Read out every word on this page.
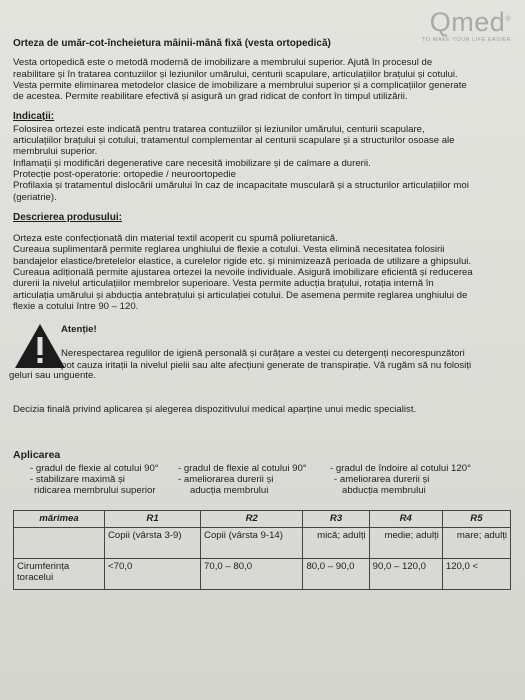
Qmed®
TO MAKE YOUR LIFE EASIER
Orteza de umăr-cot-încheietura mâinii-mână fixă (vesta ortopedică)

Vesta ortopedică este o metodă modernă de imobilizare a membrului superior. Ajută în procesul de

reabilitare și în tratarea contuziilor și leziunilor umărului, centurii scapulare, articulațiilor brațului și cotului.

Vesta permite eliminarea metodelor clasice de imobilizare a membrului superior și a complicațiilor generate

de acestea. Permite reabilitare efectivă și asigură un grad ridicat de confort în timpul utilizării.

Indicații:

Folosirea ortezei este indicată pentru tratarea contuziilor și leziunilor umărului, centurii scapulare,

articulațiilor brațului și cotului, tratamentul complementar al centurii scapulare și a structurilor osoase ale

membrului superior.

Inflamații și modificări degenerative care necesită imobilizare și de calmare a durerii.

Protecție post-operatorie: ortopedie / neuroortopedie

Profilaxia și tratamentul dislocării umărului în caz de incapacitate musculară și a structurilor articulațiilor moi

(geriatrie).

Descrierea produsului:

Orteza este confecționată din material textil acoperit cu spumă poliuretanică.

Cureaua suplimentară permite reglarea unghiului de flexie a cotului. Vesta elimină necesitatea folosirii

bandajelor elastice/bretelelor elastice, a curelelor rigide etc. și minimizează perioada de utilizare a ghipsului.

Cureaua adițională permite ajustarea ortezei la nevoile individuale. Asigură imobilizare eficientă și reducerea

durerii la nivelul articulațiilor membrelor superioare. Vesta permite aducția brațului, rotația internă în

articulația umărului și abducția antebrațului și articulației cotului. De asemena permite reglarea unghiului de

flexie a cotului între 90 – 120.

Atenție!

Nerespectarea regulilor de igienă personală și curățare a vestei cu detergenți necorespunzători

pot cauza iritații la nivelul pielii sau alte afecțiuni generate de transpirație. Vă rugăm să nu folosiți

geluri sau unguente.

Decizia finală privind aplicarea și alegerea dispozitivului medical aparține unui medic specialist.

Aplicarea
- gradul de flexie al cotului 90°
- stabilizare maximă și
ridicarea membrului superior
- gradul de flexie al cotului 90°
- ameliorarea durerii și
aducția membrului
- gradul de îndoire al cotului 120°
- ameliorarea durerii și
abducția membrului
mărimea	R1	R2	R3	R4	R5
	Copii (vârsta 3-9)	Copii (vârsta 9-14)	mică; adulți	medie; adulți	mare; adulți
Cirumferința toracelui	<70,0	70,0 – 80,0	80,0 – 90,0	90,0 – 120,0	120,0 <
